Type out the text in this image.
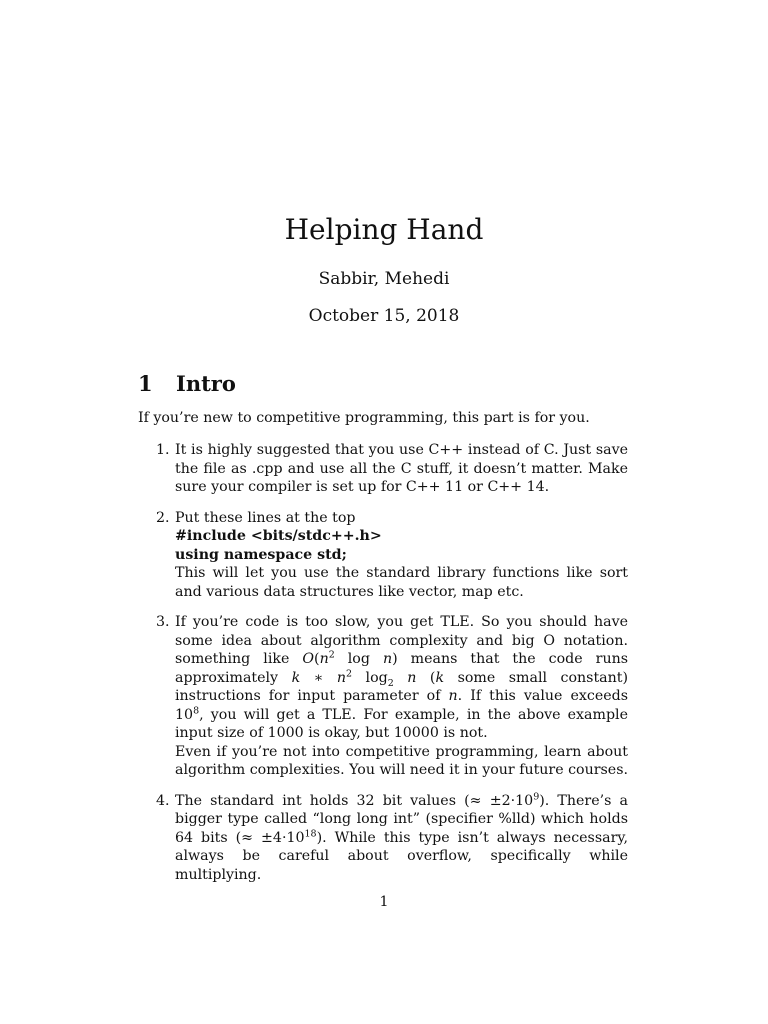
Helping Hand
Sabbir, Mehedi
October 15, 2018
1 Intro
If you’re new to competitive programming, this part is for you.
1. It is highly suggested that you use C++ instead of C. Just save the file as .cpp and use all the C stuff, it doesn’t matter. Make sure your compiler is set up for C++ 11 or C++ 14.
2. Put these lines at the top
#include <bits/stdc++.h>
using namespace std;
This will let you use the standard library functions like sort and various data structures like vector, map etc.
3. If you’re code is too slow, you get TLE. So you should have some idea about algorithm complexity and big O notation. something like $O(n^2$ log n) means that the code runs approximately k ∗ $n^2$ $\log_2 n$ (k some small constant) instructions for input parameter of n. If this value exceeds $10^8$, you will get a TLE. For example, in the above example input size of 1000 is okay, but 10000 is not.
Even if you’re not into competitive programming, learn about algorithm complexities. You will need it in your future courses.
4. The standard int holds 32 bit values (≈ $\pm 2\cdot 10^9$). There’s a bigger type called “long long int” (specifier %lld) which holds 64 bits (≈ $\pm 4\cdot 10^{18}$). While this type isn’t always necessary, always be careful about overflow, specifically while multiplying.
1
